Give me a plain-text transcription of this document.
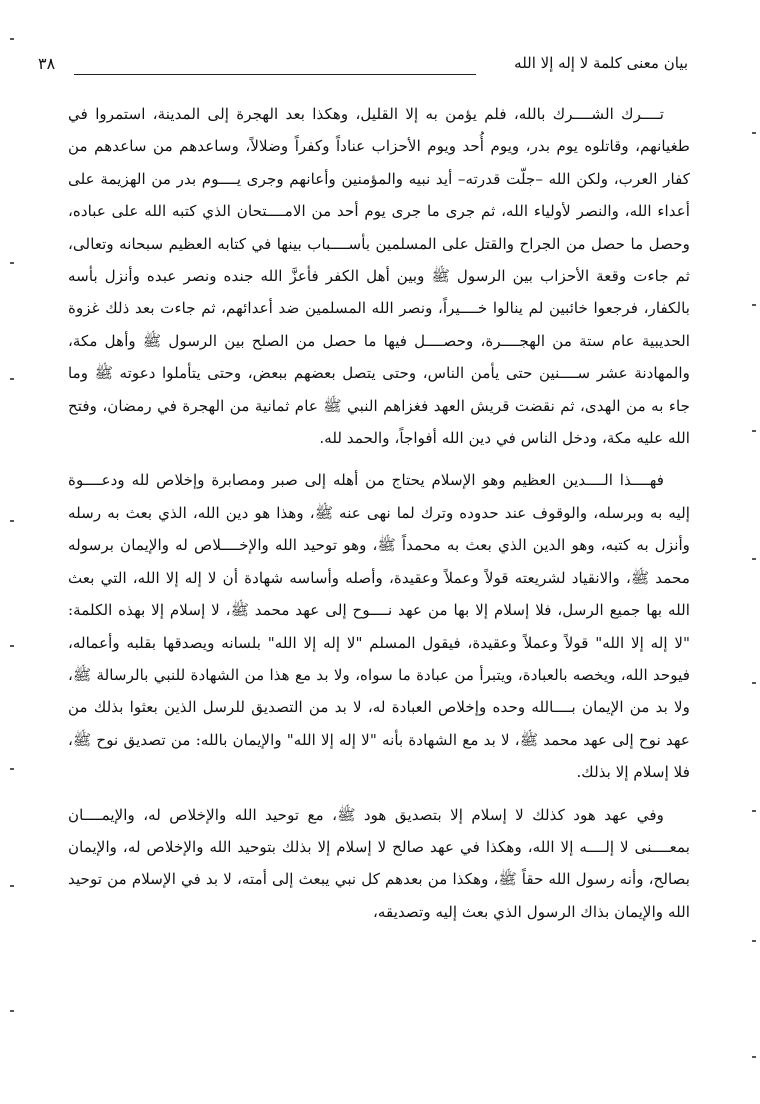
بيان معنى كلمة لا إله إلا الله
٣٨

تــــرك الشــــرك بالله، فلم يؤمن به إلا القليل، وهكذا بعد الهجرة إلى المدينة، استمروا في طغيانهم، وقاتلوه يوم بدر، ويوم أُحد ويوم الأحزاب عناداً وكفراً وضلالاً، وساعدهم من ساعدهم من كفار العرب، ولكن الله –جلّت قدرته– أيد نبيه والمؤمنين وأعانهم وجرى يــــوم بدر من الهزيمة على أعداء الله، والنصر لأولياء الله، ثم جرى ما جرى يوم أحد من الامــــتحان الذي كتبه الله على عباده، وحصل ما حصل من الجراح والقتل على المسلمين بأســــباب بينها في كتابه العظيم سبحانه وتعالى، ثم جاءت وقعة الأحزاب بين الرسول ﷺ وبين أهل الكفر فأعزَّ الله جنده ونصر عبده وأنزل بأسه بالكفار، فرجعوا خائبين لم ينالوا خــــيراً، ونصر الله المسلمين ضد أعدائهم، ثم جاءت بعد ذلك غزوة الحديبية عام ستة من الهجــــرة، وحصــــل فيها ما حصل من الصلح بين الرسول ﷺ وأهل مكة، والمهادنة عشر ســــنين حتى يأمن الناس، وحتى يتصل بعضهم ببعض، وحتى يتأملوا دعوته ﷺ وما جاء به من الهدى، ثم نقضت قريش العهد فغزاهم النبي ﷺ عام ثمانية من الهجرة في رمضان، وفتح الله عليه مكة، ودخل الناس في دين الله أفواجاً، والحمد لله.

فهــــذا الــــدين العظيم وهو الإسلام يحتاج من أهله إلى صبر ومصابرة وإخلاص لله ودعــــوة إليه به وبرسله، والوقوف عند حدوده وترك لما نهى عنه ﷺ، وهذا هو دين الله، الذي بعث به رسله وأنزل به كتبه، وهو الدين الذي بعث به محمداً ﷺ، وهو توحيد الله والإخــــلاص له والإيمان برسوله محمد ﷺ، والانقياد لشريعته قولاً وعملاً وعقيدة، وأصله وأساسه شهادة أن لا إله إلا الله، التي بعث الله بها جميع الرسل، فلا إسلام إلا بها من عهد نــــوح إلى عهد محمد ﷺ، لا إسلام إلا بهذه الكلمة: "لا إله إلا الله" قولاً وعملاً وعقيدة، فيقول المسلم "لا إله إلا الله" بلسانه ويصدقها بقلبه وأعماله، فيوحد الله، ويخصه بالعبادة، ويتبرأ من عبادة ما سواه، ولا بد مع هذا من الشهادة للنبي بالرسالة ﷺ، ولا بد من الإيمان بــــالله وحده وإخلاص العبادة له، لا بد من التصديق للرسل الذين بعثوا بذلك من عهد نوح إلى عهد محمد ﷺ، لا بد مع الشهادة بأنه "لا إله إلا الله" والإيمان بالله: من تصديق نوح ﷺ، فلا إسلام إلا بذلك.

وفي عهد هود كذلك لا إسلام إلا بتصديق هود ﷺ، مع توحيد الله والإخلاص له، والإيمــــان بمعــــنى لا إلــــه إلا الله، وهكذا في عهد صالح لا إسلام إلا بذلك بتوحيد الله والإخلاص له، والإيمان بصالح، وأنه رسول الله حقاً ﷺ، وهكذا من بعدهم كل نبي يبعث إلى أمته، لا بد في الإسلام من توحيد الله والإيمان بذاك الرسول الذي بعث إليه وتصديقه،
